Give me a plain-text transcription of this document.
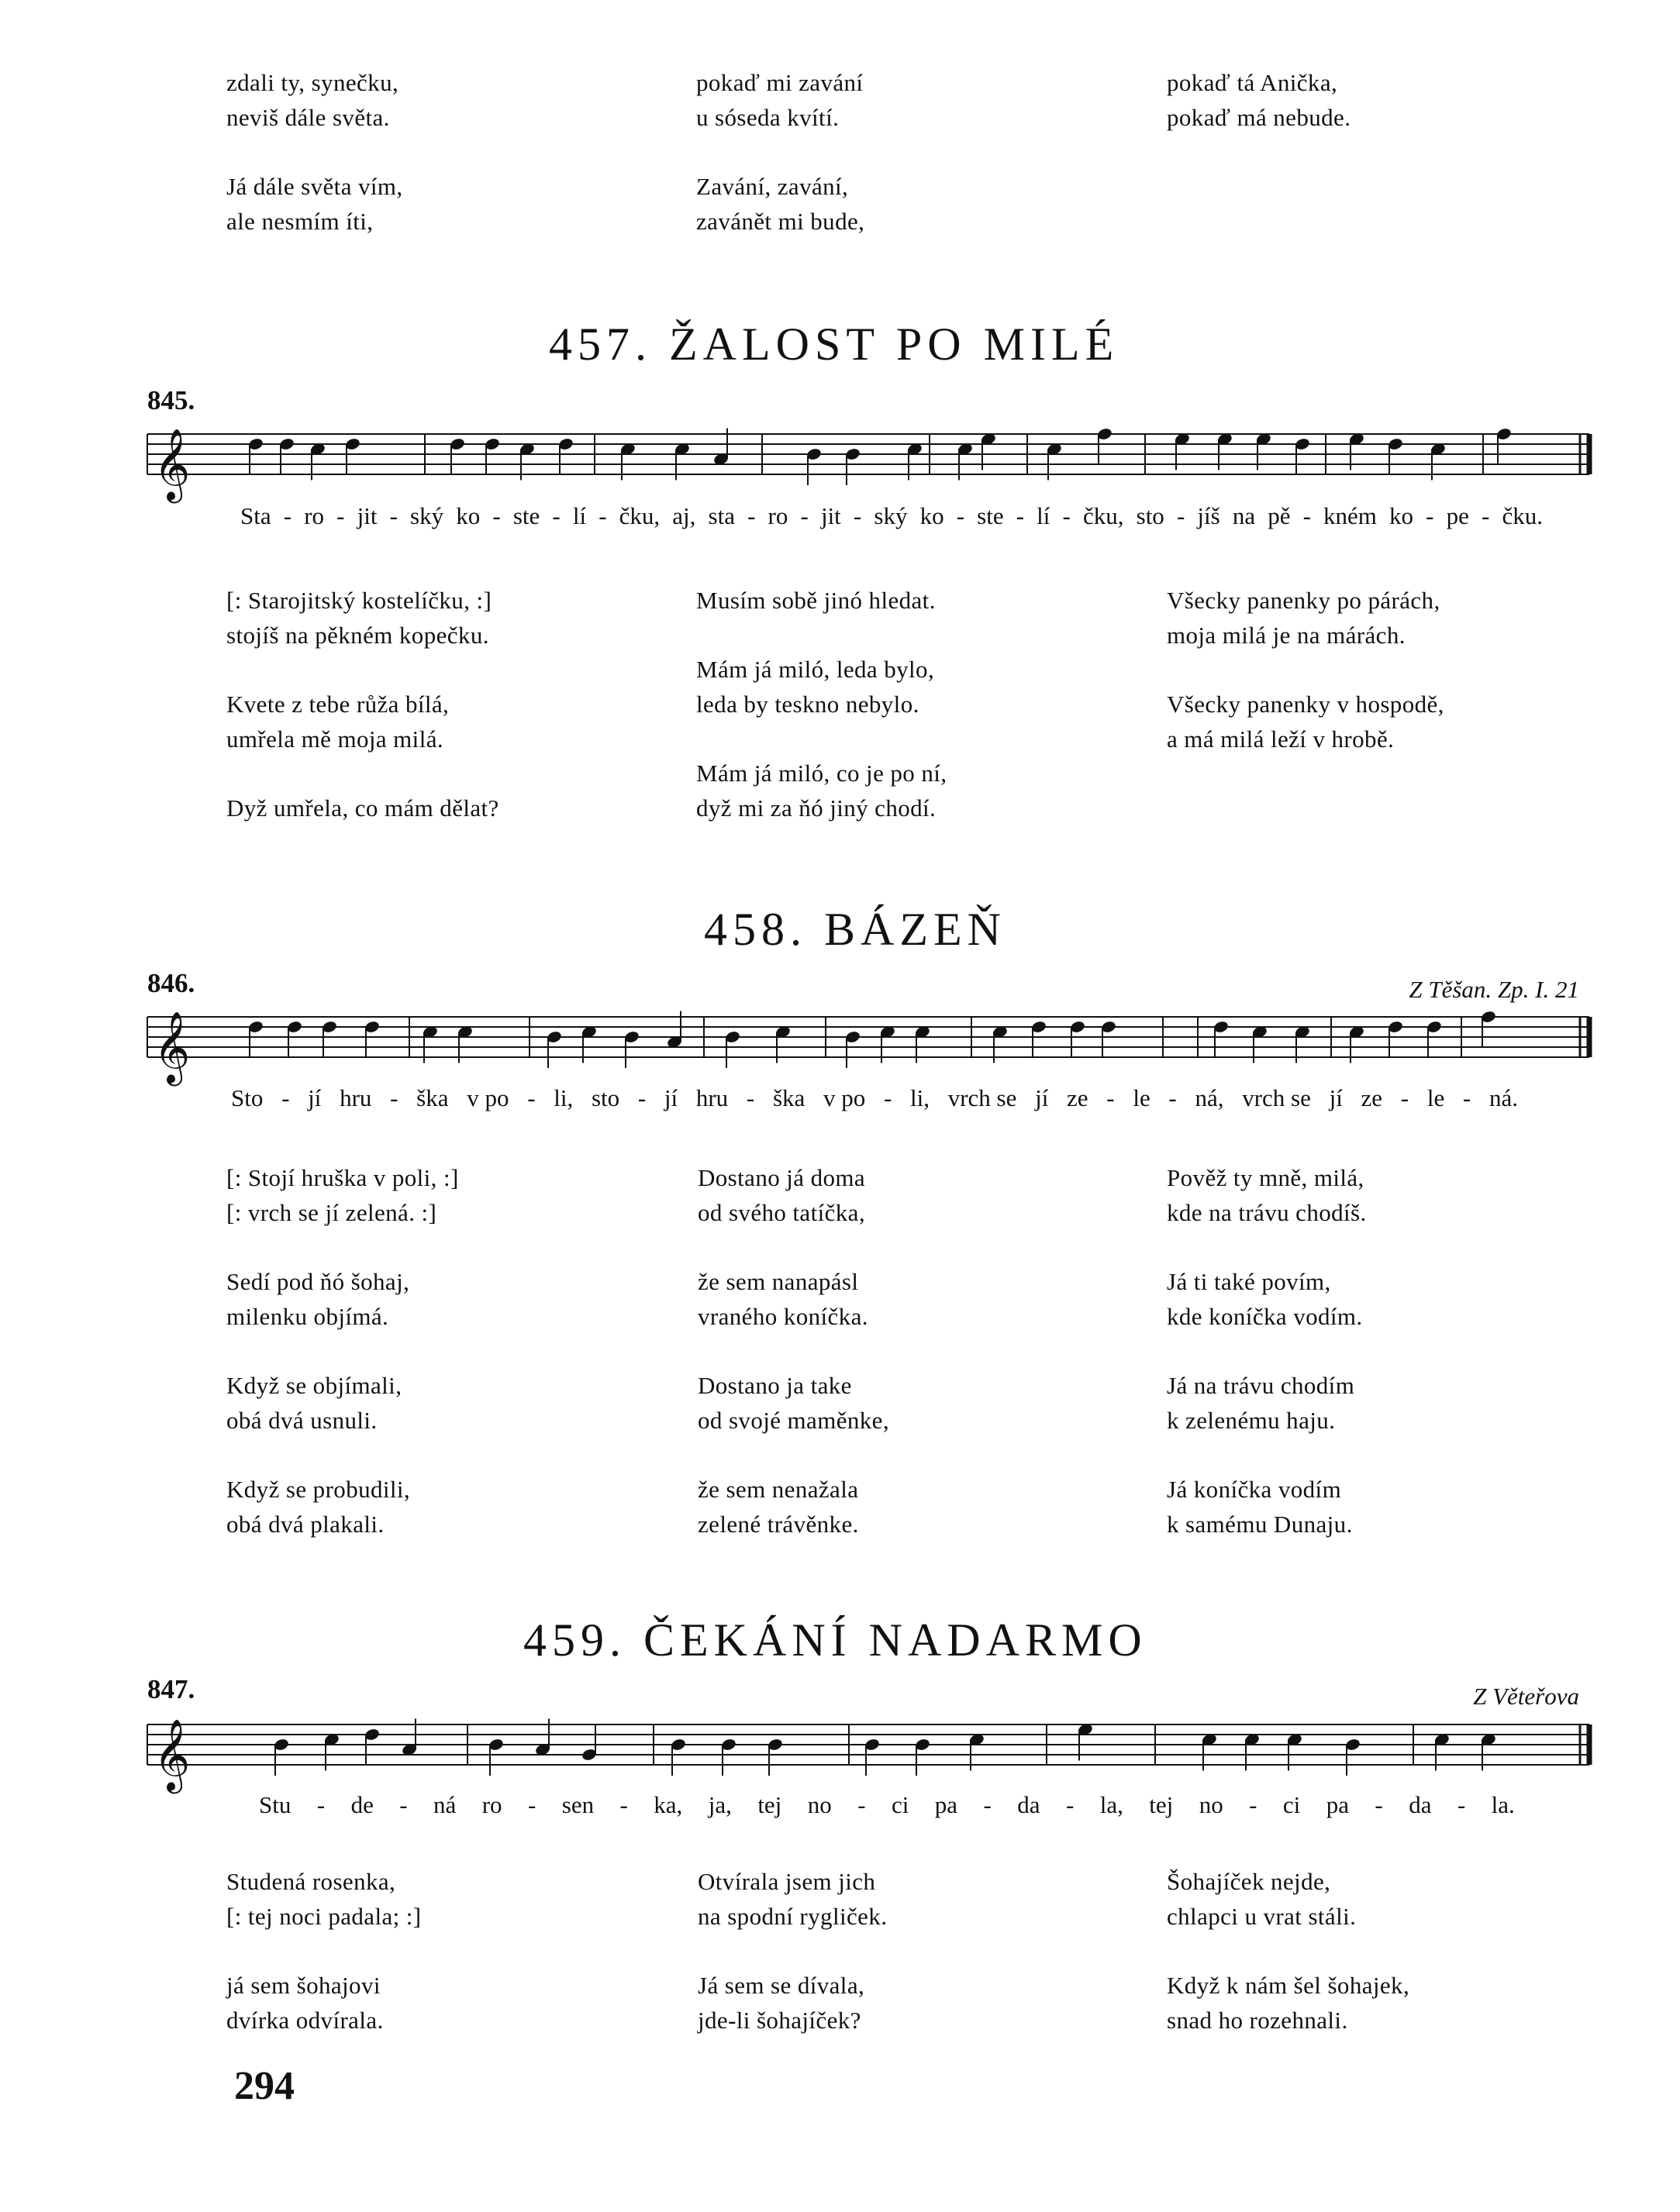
zdali ty, synečku,
neviš dále světa.
Já dále světa vím,
ale nesmím íti,
pokaď mi zavání
u sóseda kvítí.
Zavání, zavání,
zavánět mi bude,
pokaď tá Anička,
pokaď má nebude.
457. ŽALOST PO MILÉ
845.
𝄞
Sta - ro - jit - ský ko - ste - lí - čku, aj, sta - ro - jit - ský ko - ste - lí - čku, sto - jíš na pě - kném ko - pe - čku.
[: Starojitský kostelíčku, :]
stojíš na pěkném kopečku.
Kvete z tebe růža bílá,
umřela mě moja milá.
Dyž umřela, co mám dělat?
Musím sobě jinó hledat.
Mám já miló, leda bylo,
leda by teskno nebylo.
Mám já miló, co je po ní,
dyž mi za ňó jiný chodí.
Všecky panenky po párách,
moja milá je na márách.
Všecky panenky v hospodě,
a má milá leží v hrobě.
458. BÁZEŇ
846.	Z Těšan. Zp. I. 21
𝄞
Sto - jí hru - ška v po - li, sto - jí hru - ška v po - li, vrch se jí ze - le - ná, vrch se jí ze - le - ná.
[: Stojí hruška v poli, :]
[: vrch se jí zelená. :]
Sedí pod ňó šohaj,
milenku objímá.
Když se objímali,
obá dvá usnuli.
Když se probudili,
obá dvá plakali.
Dostano já doma
od svého tatíčka,
že sem nanapásl
vraného koníčka.
Dostano ja take
od svojé maměnke,
že sem nenažala
zelené trávěnke.
Pověž ty mně, milá,
kde na trávu chodíš.
Já ti také povím,
kde koníčka vodím.
Já na trávu chodím
k zelenému haju.
Já koníčka vodím
k samému Dunaju.
459. ČEKÁNÍ NADARMO
847.	Z Věteřova
𝄞
Stu - de - ná ro - sen - ka, ja, tej no - ci pa - da - la, tej no - ci pa - da - la.
Studená rosenka,
[: tej noci padala; :]
já sem šohajovi
dvírka odvírala.
Otvírala jsem jich
na spodní rygliček.
Já sem se dívala,
jde-li šohajíček?
Šohajíček nejde,
chlapci u vrat stáli.
Když k nám šel šohajek,
snad ho rozehnali.
294
